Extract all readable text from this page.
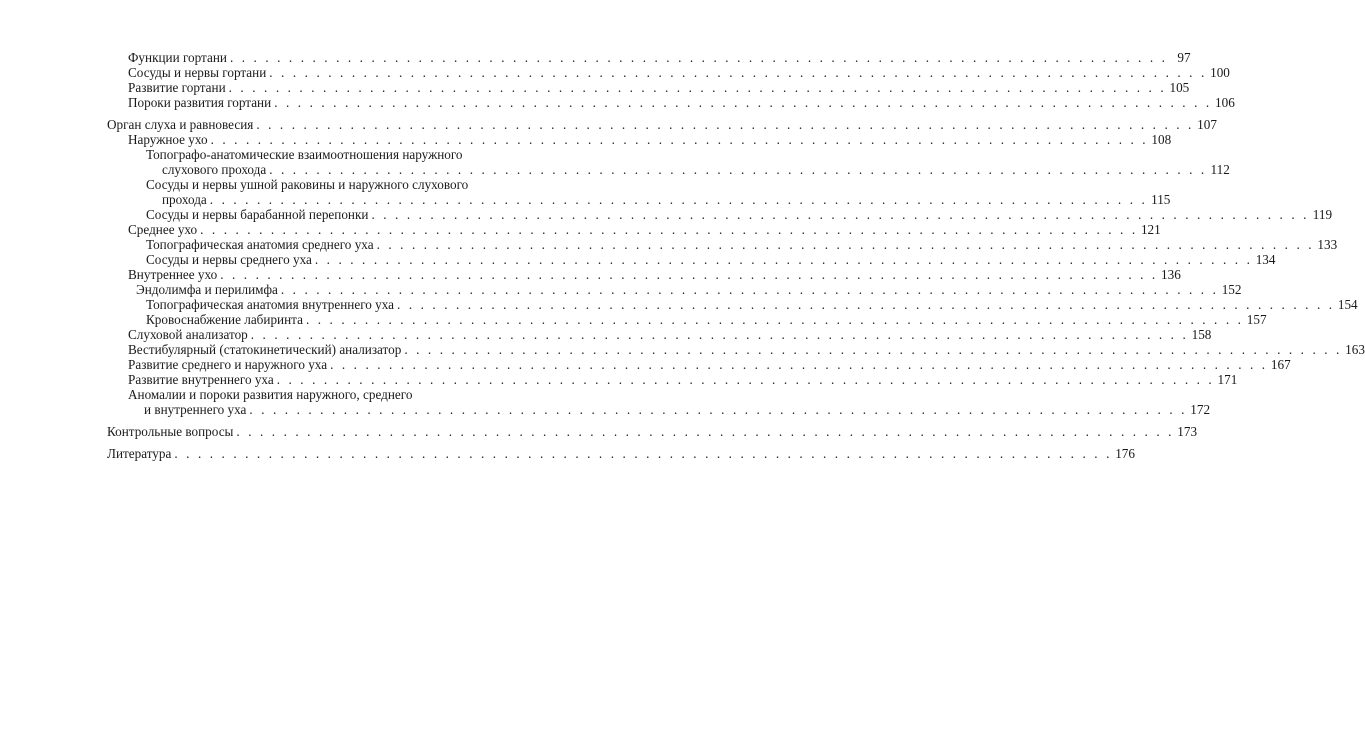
Функции гортани . . . . . . . . . . . . . . . . . . . . . . . . . . . . . . . . . . . . . . . . . . . . . . . . . . . . . . . . . . . . . . . . . . . . . . . . . . . . . . . . 97
Сосуды и нервы гортани . . . . . . . . . . . . . . . . . . . . . . . . . . . . . . . . . . . . . . . . . . . . . . . . . . . . . . . . . . . . . . . . . . . . . . . . . . . . . . . . 100
Развитие гортани . . . . . . . . . . . . . . . . . . . . . . . . . . . . . . . . . . . . . . . . . . . . . . . . . . . . . . . . . . . . . . . . . . . . . . . . . . . . . . . . 105
Пороки развития гортани . . . . . . . . . . . . . . . . . . . . . . . . . . . . . . . . . . . . . . . . . . . . . . . . . . . . . . . . . . . . . . . . . . . . . . . . . . . . . . . . 106
Орган слуха и равновесия . . . . . . . . . . . . . . . . . . . . . . . . . . . . . . . . . . . . . . . . . . . . . . . . . . . . . . . . . . . . . . . . . . . . . . . . . . . . . . . . 107
Наружное ухо . . . . . . . . . . . . . . . . . . . . . . . . . . . . . . . . . . . . . . . . . . . . . . . . . . . . . . . . . . . . . . . . . . . . . . . . . . . . . . . . 108
Топографо-анатомические взаимоотношения наружного
слухового прохода . . . . . . . . . . . . . . . . . . . . . . . . . . . . . . . . . . . . . . . . . . . . . . . . . . . . . . . . . . . . . . . . . . . . . . . . . . . . . . . . 112
Сосуды и нервы ушной раковины и наружного слухового
прохода . . . . . . . . . . . . . . . . . . . . . . . . . . . . . . . . . . . . . . . . . . . . . . . . . . . . . . . . . . . . . . . . . . . . . . . . . . . . . . . . 115
Сосуды и нервы барабанной перепонки . . . . . . . . . . . . . . . . . . . . . . . . . . . . . . . . . . . . . . . . . . . . . . . . . . . . . . . . . . . . . . . . . . . . . . . . . . . . . . . . 119
Среднее ухо . . . . . . . . . . . . . . . . . . . . . . . . . . . . . . . . . . . . . . . . . . . . . . . . . . . . . . . . . . . . . . . . . . . . . . . . . . . . . . . . 121
Топографическая анатомия среднего уха . . . . . . . . . . . . . . . . . . . . . . . . . . . . . . . . . . . . . . . . . . . . . . . . . . . . . . . . . . . . . . . . . . . . . . . . . . . . . . . . 133
Сосуды и нервы среднего уха . . . . . . . . . . . . . . . . . . . . . . . . . . . . . . . . . . . . . . . . . . . . . . . . . . . . . . . . . . . . . . . . . . . . . . . . . . . . . . . . 134
Внутреннее ухо . . . . . . . . . . . . . . . . . . . . . . . . . . . . . . . . . . . . . . . . . . . . . . . . . . . . . . . . . . . . . . . . . . . . . . . . . . . . . . . . 136
Эндолимфа и перилимфа . . . . . . . . . . . . . . . . . . . . . . . . . . . . . . . . . . . . . . . . . . . . . . . . . . . . . . . . . . . . . . . . . . . . . . . . . . . . . . . . 152
Топографическая анатомия внутреннего уха . . . . . . . . . . . . . . . . . . . . . . . . . . . . . . . . . . . . . . . . . . . . . . . . . . . . . . . . . . . . . . . . . . . . . . . . . . . . . . . . 154
Кровоснабжение лабиринта . . . . . . . . . . . . . . . . . . . . . . . . . . . . . . . . . . . . . . . . . . . . . . . . . . . . . . . . . . . . . . . . . . . . . . . . . . . . . . . . 157
Слуховой анализатор . . . . . . . . . . . . . . . . . . . . . . . . . . . . . . . . . . . . . . . . . . . . . . . . . . . . . . . . . . . . . . . . . . . . . . . . . . . . . . . . 158
Вестибулярный (статокинетический) анализатор . . . . . . . . . . . . . . . . . . . . . . . . . . . . . . . . . . . . . . . . . . . . . . . . . . . . . . . . . . . . . . . . . . . . . . . . . . . . . . . . 163
Развитие среднего и наружного уха . . . . . . . . . . . . . . . . . . . . . . . . . . . . . . . . . . . . . . . . . . . . . . . . . . . . . . . . . . . . . . . . . . . . . . . . . . . . . . . . 167
Развитие внутреннего уха . . . . . . . . . . . . . . . . . . . . . . . . . . . . . . . . . . . . . . . . . . . . . . . . . . . . . . . . . . . . . . . . . . . . . . . . . . . . . . . . 171
Аномалии и пороки развития наружного, среднего
и внутреннего уха . . . . . . . . . . . . . . . . . . . . . . . . . . . . . . . . . . . . . . . . . . . . . . . . . . . . . . . . . . . . . . . . . . . . . . . . . . . . . . . . 172
Контрольные вопросы . . . . . . . . . . . . . . . . . . . . . . . . . . . . . . . . . . . . . . . . . . . . . . . . . . . . . . . . . . . . . . . . . . . . . . . . . . . . . . . . 173
Литература . . . . . . . . . . . . . . . . . . . . . . . . . . . . . . . . . . . . . . . . . . . . . . . . . . . . . . . . . . . . . . . . . . . . . . . . . . . . . . . . 176
